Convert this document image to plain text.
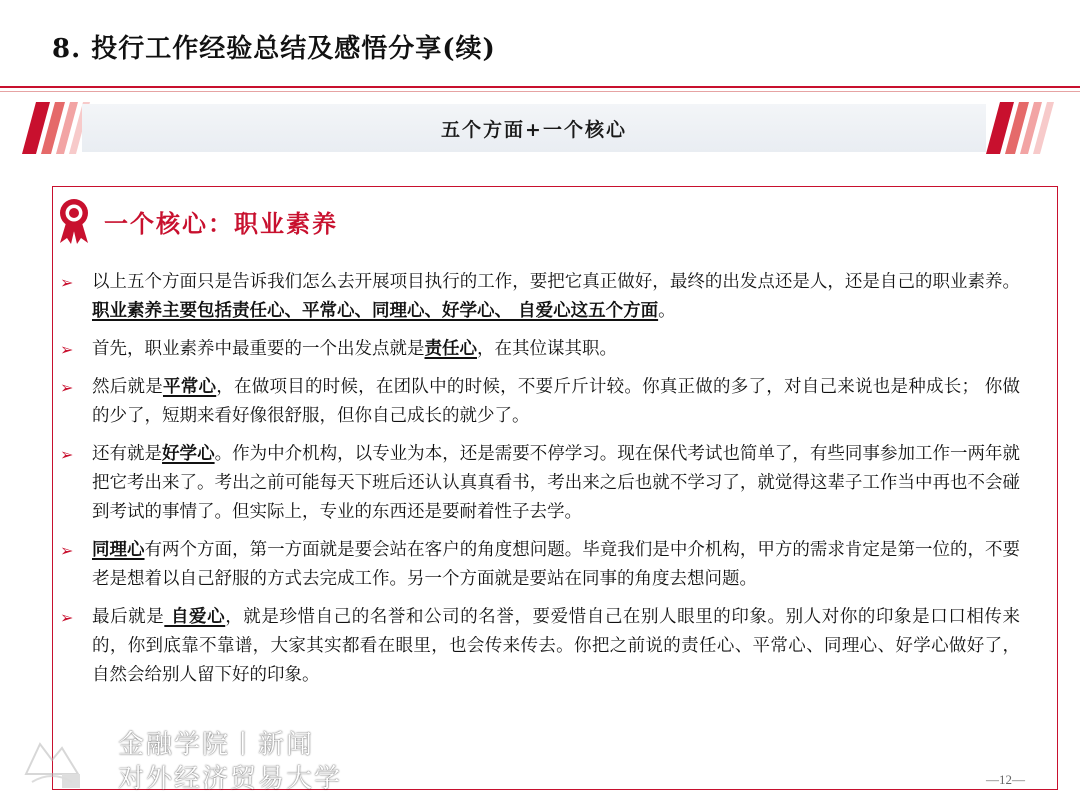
8. 投行工作经验总结及感悟分享(续)
五个方面+一个核心
一个核心：职业素养
➢	以上五个方面只是告诉我们怎么去开展项目执行的工作，要把它真正做好，最终的出发点还是人，还是自己的职业素养。职业素养主要包括责任心、平常心、同理心、好学心、 自爱心这五个方面。
➢	首先，职业素养中最重要的一个出发点就是责任心，在其位谋其职。
➢	然后就是平常心，在做项目的时候，在团队中的时候，不要斤斤计较。你真正做的多了，对自己来说也是种成长； 你做的少了，短期来看好像很舒服，但你自己成长的就少了。
➢	还有就是好学心。作为中介机构，以专业为本，还是需要不停学习。现在保代考试也简单了，有些同事参加工作一两年就把它考出来了。考出之前可能每天下班后还认认真真看书，考出来之后也就不学习了，就觉得这辈子工作当中再也不会碰到考试的事情了。但实际上，专业的东西还是要耐着性子去学。
➢	同理心有两个方面，第一方面就是要会站在客户的角度想问题。毕竟我们是中介机构，甲方的需求肯定是第一位的，不要老是想着以自己舒服的方式去完成工作。另一个方面就是要站在同事的角度去想问题。
➢	最后就是 自爱心，就是珍惜自己的名誉和公司的名誉，要爱惜自己在别人眼里的印象。别人对你的印象是口口相传来的，你到底靠不靠谱，大家其实都看在眼里，也会传来传去。你把之前说的责任心、平常心、同理心、好学心做好了， 自然会给别人留下好的印象。
金融学院丨新闻
对外经济贸易大学	—12—
